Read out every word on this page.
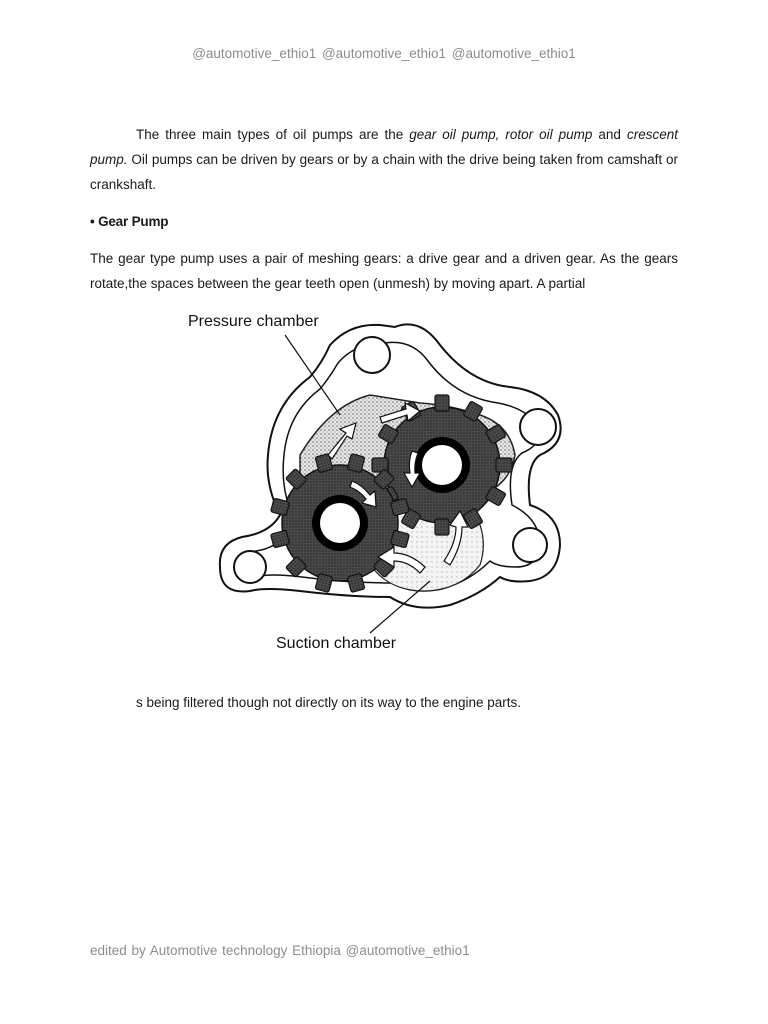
@automotive_ethio1 @automotive_ethio1 @automotive_ethio1

The three main types of oil pumps are the gear oil pump, rotor oil pump and crescent pump. Oil pumps can be driven by gears or by a chain with the drive being taken from camshaft or crankshaft.

• Gear Pump

The gear type pump uses a pair of meshing gears: a drive gear and a driven gear. As the gears rotate,the spaces between the gear teeth open (unmesh) by moving apart. A partial

Pressure chamber
Suction chamber
s being filtered though not directly on its way to the engine parts.
edited by Automotive technology Ethiopia @automotive_ethio1
